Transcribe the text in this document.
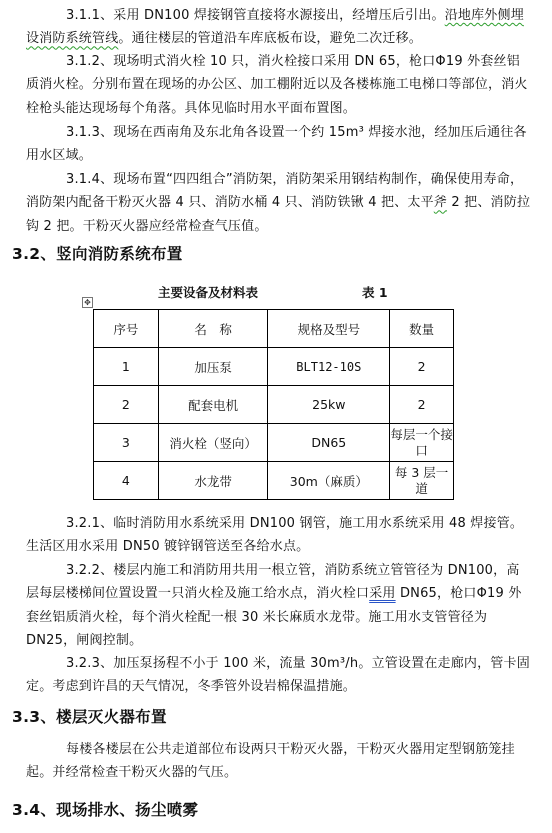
3.1.1、采用 DN100 焊接钢管直接将水源接出，经增压后引出。沿地库外侧埋设消防系统管线。通往楼层的管道沿车库底板布设，避免二次迁移。

3.1.2、现场明式消火栓 10 只，消火栓接口采用 DN 65，枪口Φ19 外套丝铝质消火栓。分别布置在现场的办公区、加工棚附近以及各楼栋施工电梯口等部位，消火栓枪头能达现场每个角落。具体见临时用水平面布置图。

3.1.3、现场在西南角及东北角各设置一个约 15m³ 焊接水池，经加压后通往各用水区域。

3.1.4、现场布置“四四组合”消防架，消防架采用钢结构制作，确保使用寿命，消防架内配备干粉灭火器 4 只、消防水桶 4 只、消防铁锹 4 把、太平斧 2 把、消防拉钩 2 把。干粉灭火器应经常检查气压值。

3.2、竖向消防系统布置
主要设备及材料表	表 1
✥
序号	名　称	规格及型号	数量
1	加压泵	BLT12-10S	2
2	配套电机	25kw	2
3	消火栓（竖向）	DN65	每层一个接口
4	水龙带	30m（麻质）	每 3 层一道

3.2.1、临时消防用水系统采用 DN100 钢管，施工用水系统采用 48 焊接管。生活区用水采用 DN50 镀锌钢管送至各给水点。

3.2.2、楼层内施工和消防用共用一根立管，消防系统立管管径为 DN100，高层每层楼梯间位置设置一只消火栓及施工给水点，消火栓口采用 DN65，枪口Φ19 外套丝铝质消火栓，每个消火栓配一根 30 米长麻质水龙带。施工用水支管管径为 DN25，闸阀控制。

3.2.3、加压泵扬程不小于 100 米，流量 30m³/h。立管设置在走廊内，管卡固定。考虑到许昌的天气情况，冬季管外设岩棉保温措施。

3.3、楼层灭火器布置

每楼各楼层在公共走道部位布设两只干粉灭火器，干粉灭火器用定型钢筋笼挂起。并经常检查干粉灭火器的气压。

3.4、现场排水、扬尘喷雾
